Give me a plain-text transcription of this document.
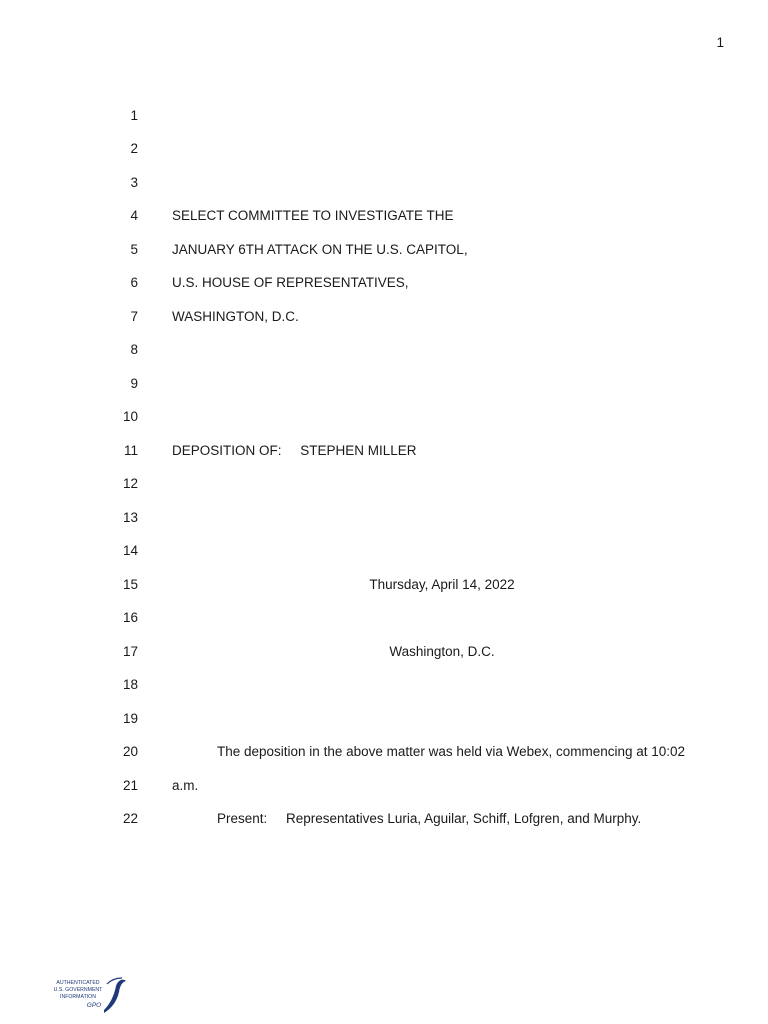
1
1
2
3
4
5
6
7
8
9
10
11
12
13
14
15
16
17
18
19
20
21
22
SELECT COMMITTEE TO INVESTIGATE THE
JANUARY 6TH ATTACK ON THE U.S. CAPITOL,
U.S. HOUSE OF REPRESENTATIVES,
WASHINGTON, D.C.
DEPOSITION OF:     STEPHEN MILLER
Thursday, April 14, 2022
Washington, D.C.
The deposition in the above matter was held via Webex, commencing at 10:02
a.m.
Present:     Representatives Luria, Aguilar, Schiff, Lofgren, and Murphy.
AUTHENTICATED
U.S. GOVERNMENT
INFORMATION
GPO
